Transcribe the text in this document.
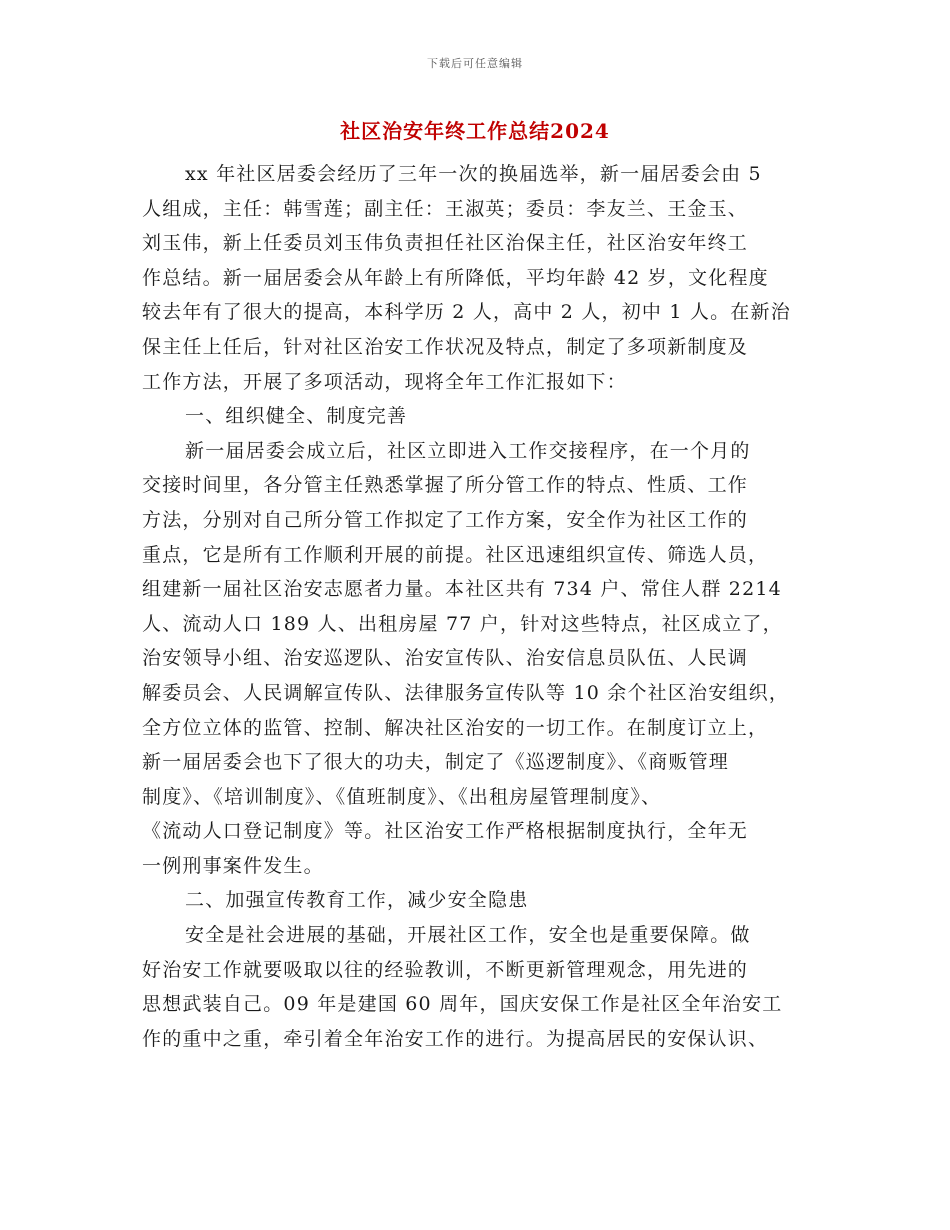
下载后可任意编辑
社区治安年终工作总结2024
xx 年社区居委会经历了三年一次的换届选举，新一届居委会由 5
人组成，主任：韩雪莲；副主任：王淑英；委员：李友兰、王金玉、
刘玉伟，新上任委员刘玉伟负责担任社区治保主任，社区治安年终工
作总结。新一届居委会从年龄上有所降低，平均年龄 42 岁，文化程度
较去年有了很大的提高，本科学历 2 人，高中 2 人，初中 1 人。在新治
保主任上任后，针对社区治安工作状况及特点，制定了多项新制度及
工作方法，开展了多项活动，现将全年工作汇报如下：
一、组织健全、制度完善
新一届居委会成立后，社区立即进入工作交接程序，在一个月的
交接时间里，各分管主任熟悉掌握了所分管工作的特点、性质、工作
方法，分别对自己所分管工作拟定了工作方案，安全作为社区工作的
重点，它是所有工作顺利开展的前提。社区迅速组织宣传、筛选人员，
组建新一届社区治安志愿者力量。本社区共有 734 户、常住人群 2214
人、流动人口 189 人、出租房屋 77 户，针对这些特点，社区成立了，
治安领导小组、治安巡逻队、治安宣传队、治安信息员队伍、人民调
解委员会、人民调解宣传队、法律服务宣传队等 10 余个社区治安组织，
全方位立体的监管、控制、解决社区治安的一切工作。在制度订立上，
新一届居委会也下了很大的功夫，制定了《巡逻制度》、《商贩管理
制度》、《培训制度》、《值班制度》、《出租房屋管理制度》、
《流动人口登记制度》等。社区治安工作严格根据制度执行，全年无
一例刑事案件发生。
二、加强宣传教育工作，减少安全隐患
安全是社会进展的基础，开展社区工作，安全也是重要保障。做
好治安工作就要吸取以往的经验教训，不断更新管理观念，用先进的
思想武装自己。09 年是建国 60 周年，国庆安保工作是社区全年治安工
作的重中之重，牵引着全年治安工作的进行。为提高居民的安保认识、
